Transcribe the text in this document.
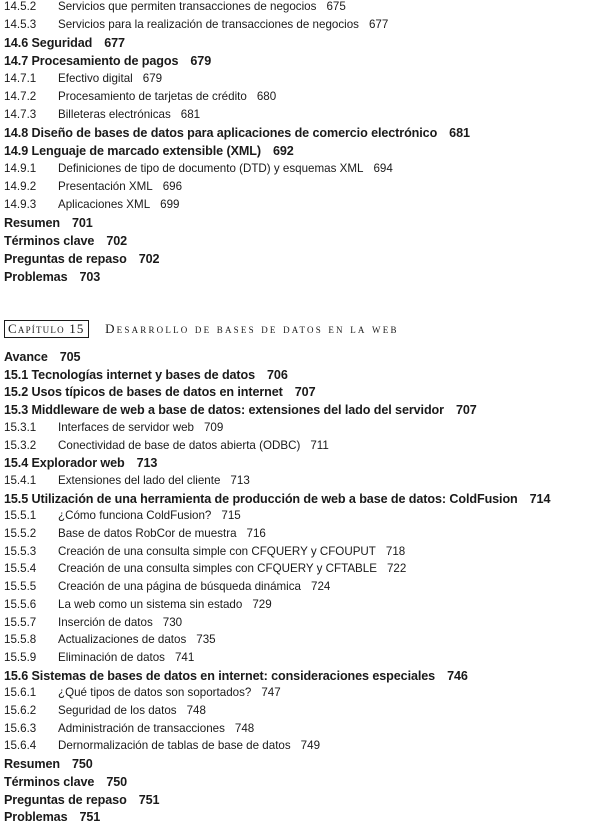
14.5.2 Servicios que permiten transacciones de negocios 675
14.5.3 Servicios para la realización de transacciones de negocios 677
14.6 Seguridad 677
14.7 Procesamiento de pagos 679
14.7.1 Efectivo digital 679
14.7.2 Procesamiento de tarjetas de crédito 680
14.7.3 Billeteras electrónicas 681
14.8 Diseño de bases de datos para aplicaciones de comercio electrónico 681
14.9 Lenguaje de marcado extensible (XML) 692
14.9.1 Definiciones de tipo de documento (DTD) y esquemas XML 694
14.9.2 Presentación XML 696
14.9.3 Aplicaciones XML 699
Resumen 701
Términos clave 702
Preguntas de repaso 702
Problemas 703
Capítulo 15 Desarrollo de bases de datos en la web
Avance 705
15.1 Tecnologías internet y bases de datos 706
15.2 Usos típicos de bases de datos en internet 707
15.3 Middleware de web a base de datos: extensiones del lado del servidor 707
15.3.1 Interfaces de servidor web 709
15.3.2 Conectividad de base de datos abierta (ODBC) 711
15.4 Explorador web 713
15.4.1 Extensiones del lado del cliente 713
15.5 Utilización de una herramienta de producción de web a base de datos: ColdFusion 714
15.5.1 ¿Cómo funciona ColdFusion? 715
15.5.2 Base de datos RobCor de muestra 716
15.5.3 Creación de una consulta simple con CFQUERY y CFOUPUT 718
15.5.4 Creación de una consulta simples con CFQUERY y CFTABLE 722
15.5.5 Creación de una página de búsqueda dinámica 724
15.5.6 La web como un sistema sin estado 729
15.5.7 Inserción de datos 730
15.5.8 Actualizaciones de datos 735
15.5.9 Eliminación de datos 741
15.6 Sistemas de bases de datos en internet: consideraciones especiales 746
15.6.1 ¿Qué tipos de datos son soportados? 747
15.6.2 Seguridad de los datos 748
15.6.3 Administración de transacciones 748
15.6.4 Dernormalización de tablas de base de datos 749
Resumen 750
Términos clave 750
Preguntas de repaso 751
Problemas 751
